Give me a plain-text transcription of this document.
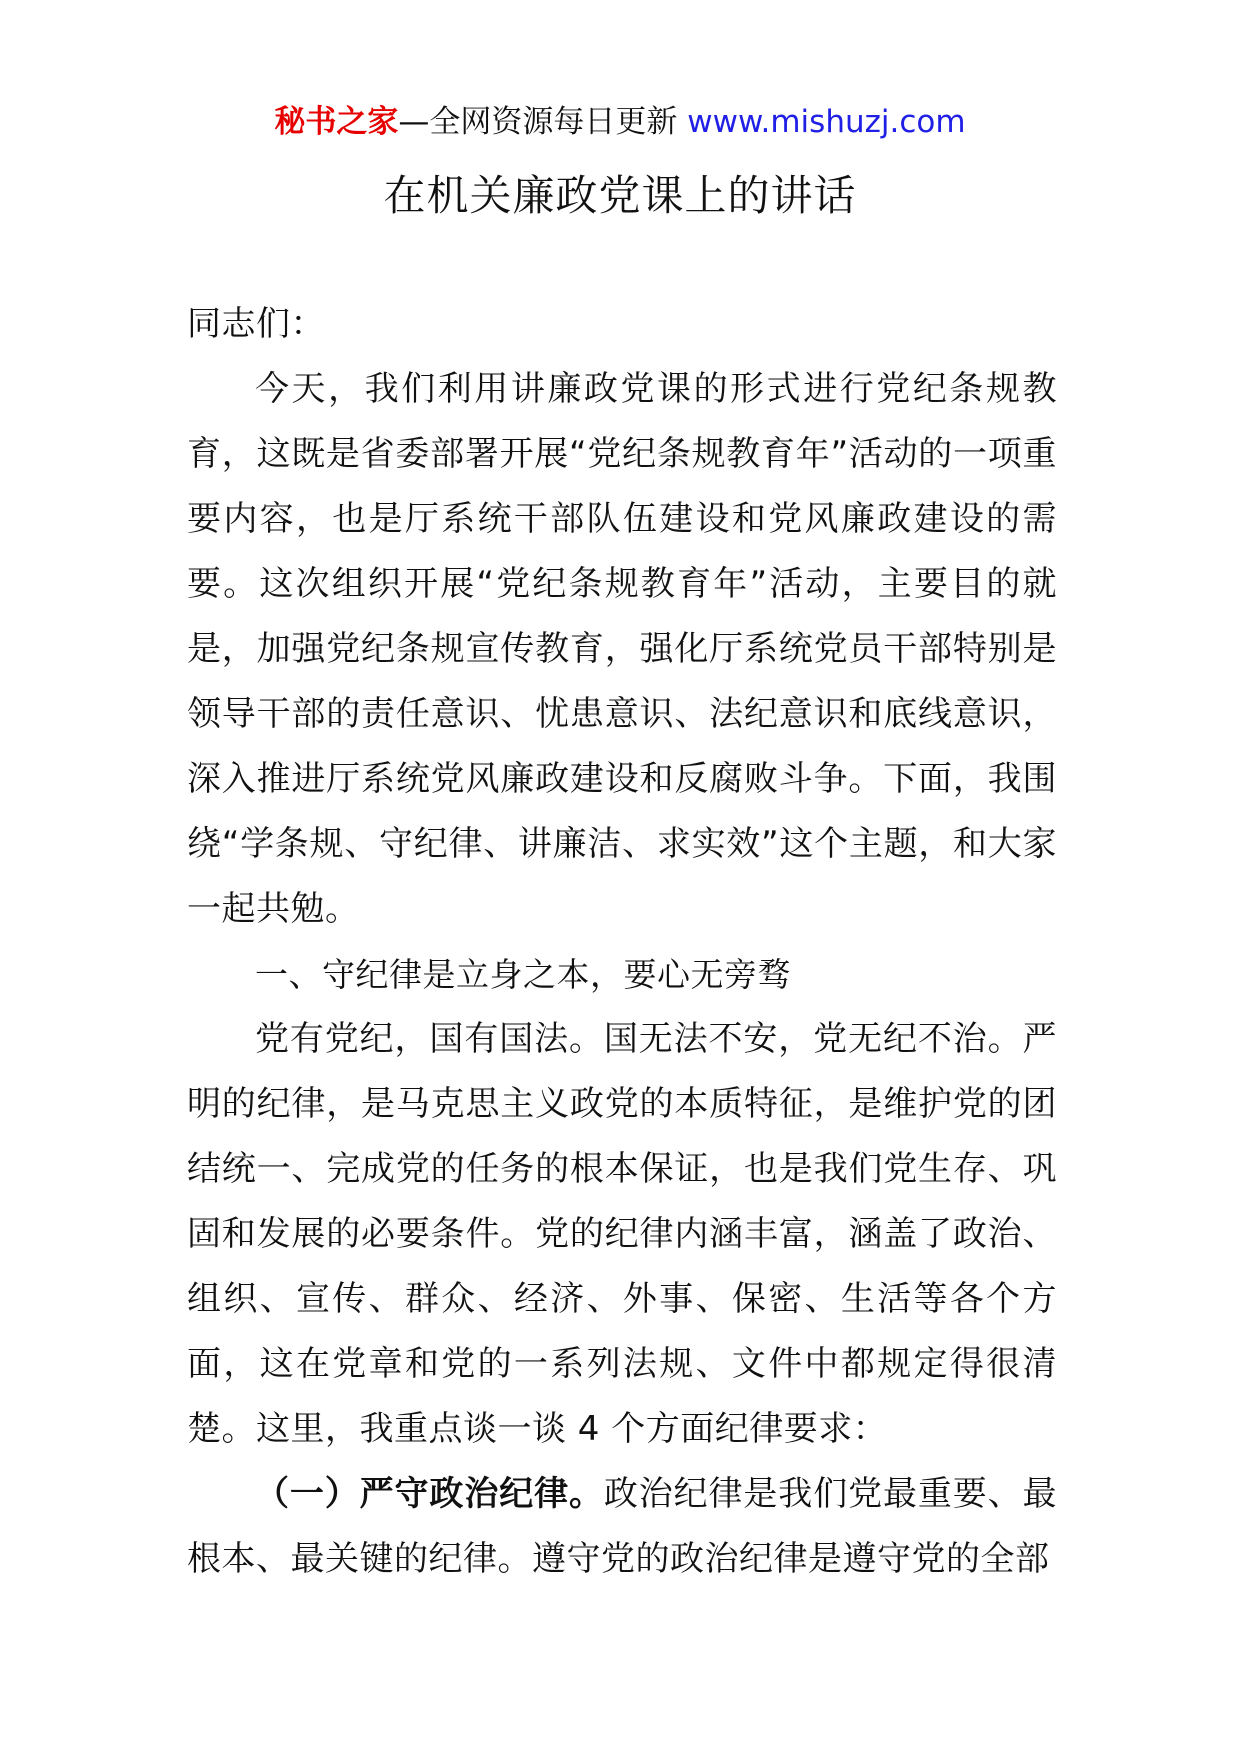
秘书之家—全网资源每日更新 www.mishuzj.com
在机关廉政党课上的讲话

同志们：

今天，我们利用讲廉政党课的形式进行党纪条规教育，这既是省委部署开展“党纪条规教育年”活动的一项重要内容，也是厅系统干部队伍建设和党风廉政建设的需要。这次组织开展“党纪条规教育年”活动，主要目的就是，加强党纪条规宣传教育，强化厅系统党员干部特别是领导干部的责任意识、忧患意识、法纪意识和底线意识，深入推进厅系统党风廉政建设和反腐败斗争。下面，我围绕“学条规、守纪律、讲廉洁、求实效”这个主题，和大家一起共勉。

一、守纪律是立身之本，要心无旁骛

党有党纪，国有国法。国无法不安，党无纪不治。严明的纪律，是马克思主义政党的本质特征，是维护党的团结统一、完成党的任务的根本保证，也是我们党生存、巩固和发展的必要条件。党的纪律内涵丰富，涵盖了政治、组织、宣传、群众、经济、外事、保密、生活等各个方面，这在党章和党的一系列法规、文件中都规定得很清楚。这里，我重点谈一谈 4 个方面纪律要求：

（一）严守政治纪律。政治纪律是我们党最重要、最根本、最关键的纪律。遵守党的政治纪律是遵守党的全部
